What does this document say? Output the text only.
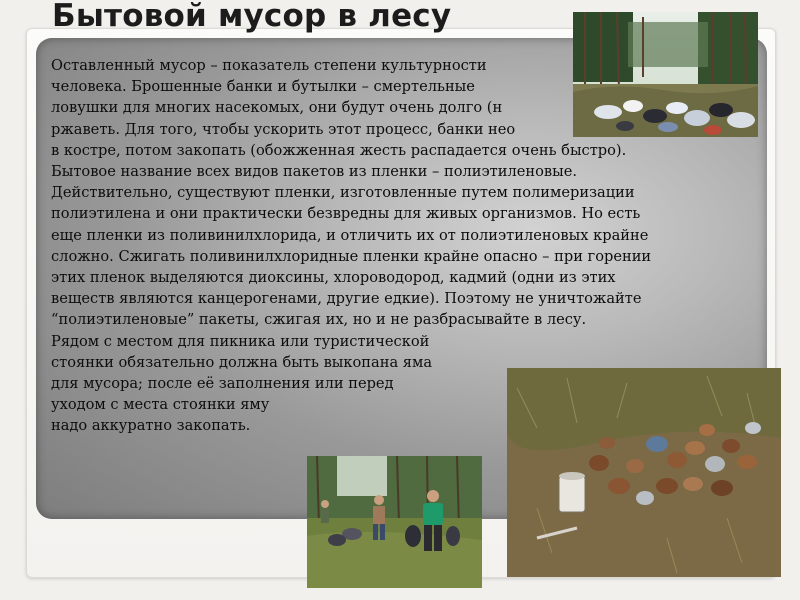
Бытовой мусор в лесу
Оставленный мусор – показатель степени культурности
человека. Брошенные банки и бутылки – смертельные
ловушки для многих насекомых, они будут очень долго (н
ржаветь. Для того, чтобы ускорить этот процесс, банки нео
в костре, потом закопать (обожженная жесть распадается очень быстро).
Бытовое название всех видов пакетов из пленки – полиэтиленовые.
Действительно, существуют пленки, изготовленные путем полимеризации
полиэтилена и они практически безвредны для живых организмов. Но есть
еще пленки из поливинилхлорида, и отличить их от полиэтиленовых крайне
сложно. Сжигать поливинилхлоридные пленки крайне опасно – при горении
этих пленок выделяются диоксины, хлороводород, кадмий (одни из этих
веществ являются канцерогенами, другие едкие). Поэтому не уничтожайте
“полиэтиленовые” пакеты, сжигая их, но и не разбрасывайте в лесу.
Рядом с местом для пикника или туристической
стоянки обязательно должна быть выкопана яма
для мусора; после её заполнения или перед
уходом с места стоянки яму
надо аккуратно закопать.
